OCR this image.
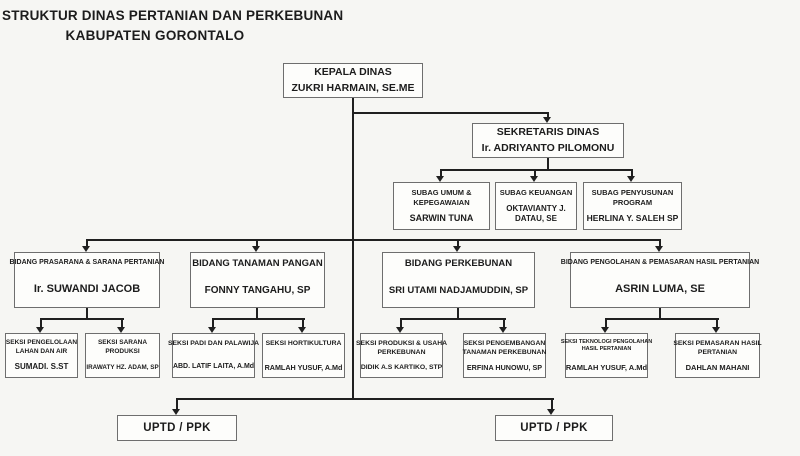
STRUKTUR DINAS PERTANIAN DAN PERKEBUNAN
KABUPATEN GORONTALO
KEPALA DINAS
ZUKRI HARMAIN, SE.ME
SEKRETARIS DINAS
Ir. ADRIYANTO PILOMONU
SUBAG UMUM &
KEPEGAWAIAN
SARWIN TUNA
SUBAG KEUANGAN
OKTAVIANTY J.
DATAU, SE
SUBAG PENYUSUNAN
PROGRAM
HERLINA Y. SALEH SP
BIDANG PRASARANA & SARANA PERTANIAN
Ir. SUWANDI JACOB
BIDANG TANAMAN PANGAN
FONNY TANGAHU, SP
BIDANG PERKEBUNAN
SRI UTAMI NADJAMUDDIN, SP
BIDANG PENGOLAHAN & PEMASARAN HASIL PERTANIAN
ASRIN LUMA, SE
SEKSI PENGELOLAAN
LAHAN DAN AIR
SUMADI. S.ST
SEKSI SARANA
PRODUKSI
IRAWATY HZ. ADAM, SP
SEKSI PADI DAN PALAWIJA
ABD. LATIF LAITA, A.Md
SEKSI HORTIKULTURA
RAMLAH YUSUF, A.Md
SEKSI PRODUKSI & USAHA
PERKEBUNAN
DIDIK A.S KARTIKO, STP
SEKSI PENGEMBANGAN
TANAMAN PERKEBUNAN
ERFINA HUNOWU, SP
SEKSI TEKNOLOGI PENGOLAHAN
HASIL PERTANIAN
RAMLAH YUSUF, A.Md
SEKSI PEMASARAN HASIL
PERTANIAN
DAHLAN MAHANI
UPTD / PPK	UPTD / PPK
